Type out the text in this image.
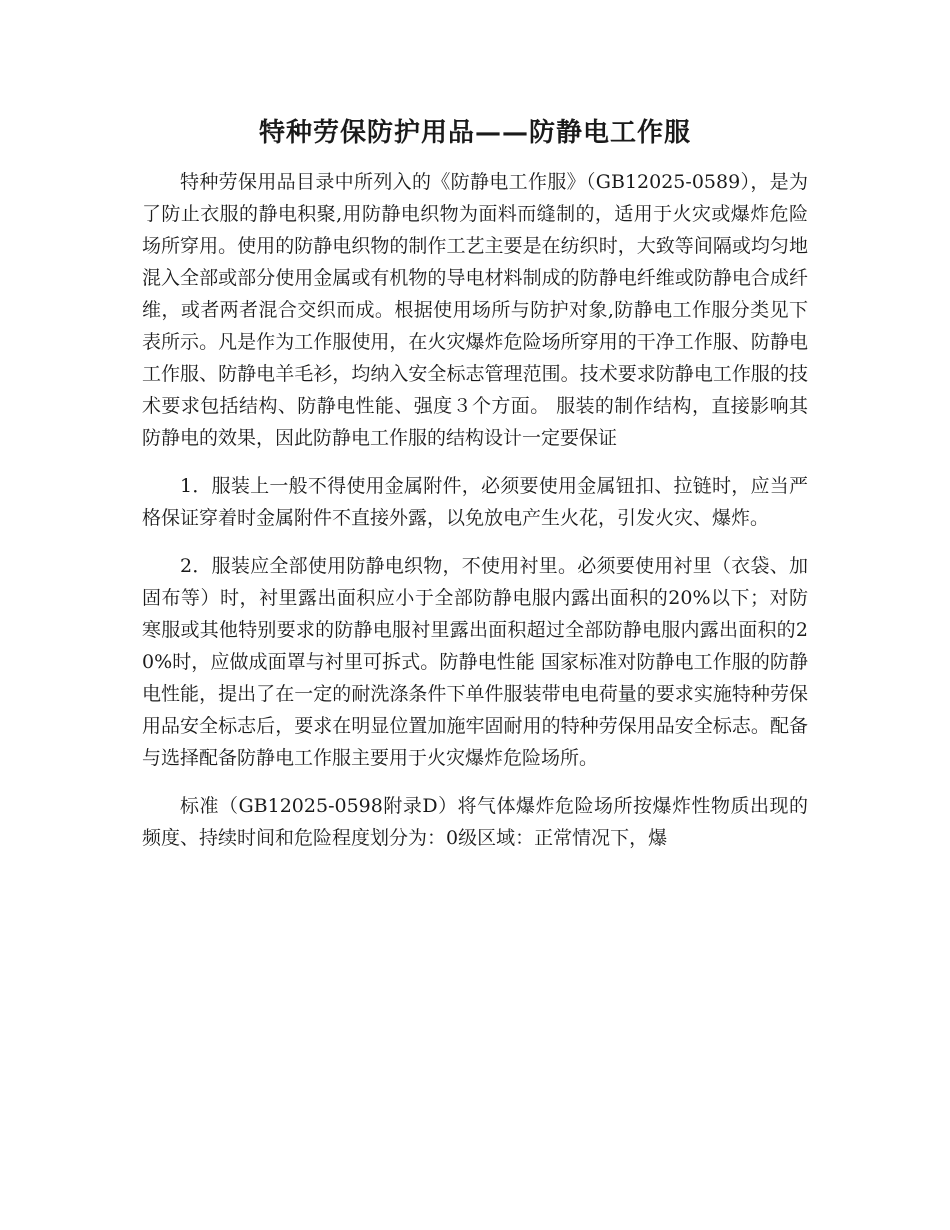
特种劳保防护用品——防静电工作服

特种劳保用品目录中所列入的《防静电工作服》（GB12025-0589），是为了防止衣服的静电积聚,用防静电织物为面料而缝制的，适用于火灾或爆炸危险场所穿用。使用的防静电织物的制作工艺主要是在纺织时，大致等间隔或均匀地混入全部或部分使用金属或有机物的导电材料制成的防静电纤维或防静电合成纤维，或者两者混合交织而成。根据使用场所与防护对象,防静电工作服分类见下表所示。凡是作为工作服使用，在火灾爆炸危险场所穿用的干净工作服、防静电工作服、防静电羊毛衫，均纳入安全标志管理范围。技术要求防静电工作服的技术要求包括结构、防静电性能、强度３个方面。 服装的制作结构，直接影响其防静电的效果，因此防静电工作服的结构设计一定要保证

1．服装上一般不得使用金属附件，必须要使用金属钮扣、拉链时，应当严格保证穿着时金属附件不直接外露，以免放电产生火花，引发火灾、爆炸。

2．服装应全部使用防静电织物，不使用衬里。必须要使用衬里（衣袋、加固布等）时，衬里露出面积应小于全部防静电服内露出面积的20%以下；对防寒服或其他特别要求的防静电服衬里露出面积超过全部防静电服内露出面积的20%时，应做成面罩与衬里可拆式。防静电性能 国家标准对防静电工作服的防静电性能，提出了在一定的耐洗涤条件下单件服装带电电荷量的要求实施特种劳保用品安全标志后，要求在明显位置加施牢固耐用的特种劳保用品安全标志。配备与选择配备防静电工作服主要用于火灾爆炸危险场所。

标准（GB12025-0598附录D）将气体爆炸危险场所按爆炸性物质出现的频度、持续时间和危险程度划分为：0级区域：正常情况下，爆
